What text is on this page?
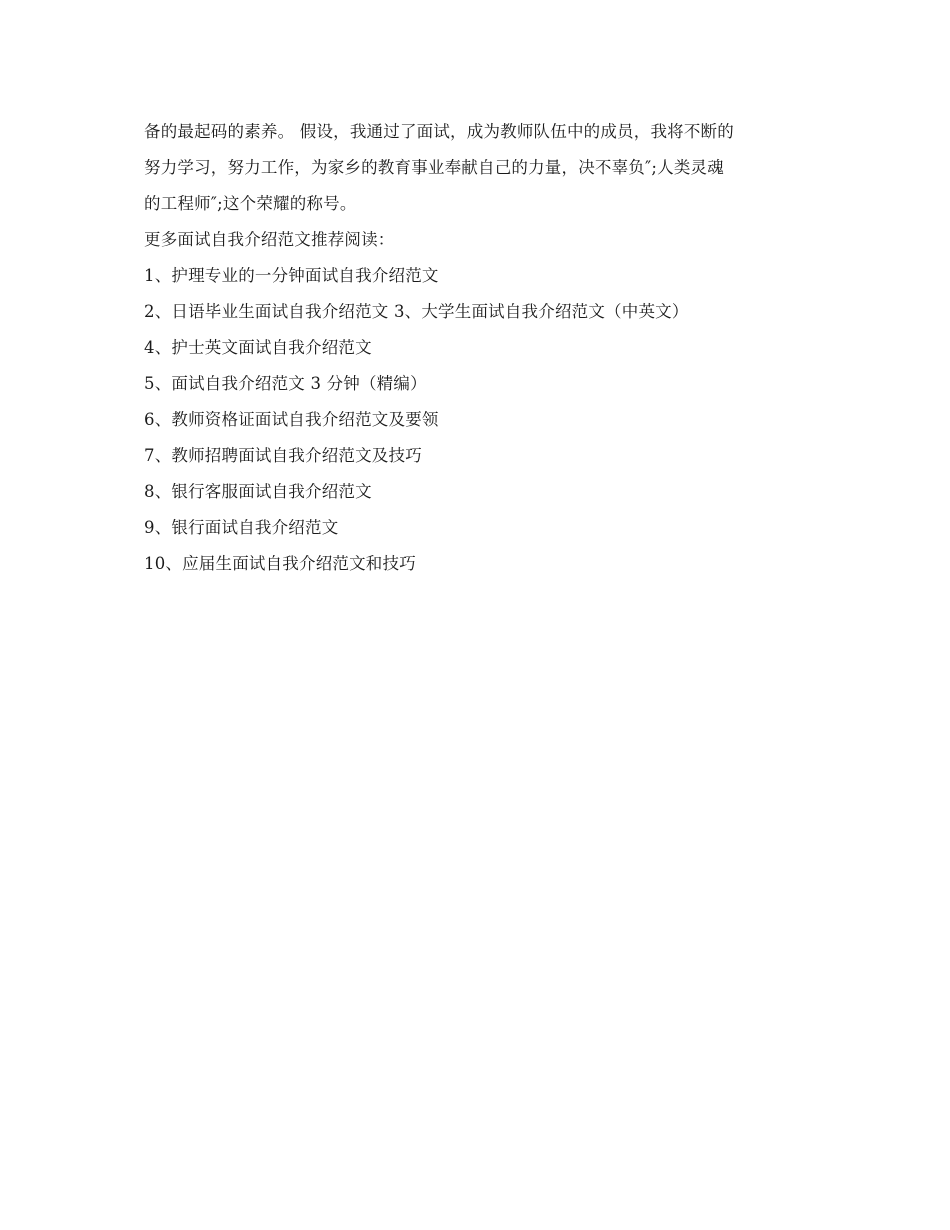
备的最起码的素养。 假设，我通过了面试，成为教师队伍中的成员，我将不断的
努力学习，努力工作，为家乡的教育事业奉献自己的力量，决不辜负″;人类灵魂
的工程师″;这个荣耀的称号。

更多面试自我介绍范文推荐阅读：
1、护理专业的一分钟面试自我介绍范文
2、日语毕业生面试自我介绍范文 3、大学生面试自我介绍范文（中英文）
4、护士英文面试自我介绍范文
5、面试自我介绍范文 3 分钟（精编）
6、教师资格证面试自我介绍范文及要领
7、教师招聘面试自我介绍范文及技巧
8、银行客服面试自我介绍范文
9、银行面试自我介绍范文
10、应届生面试自我介绍范文和技巧
